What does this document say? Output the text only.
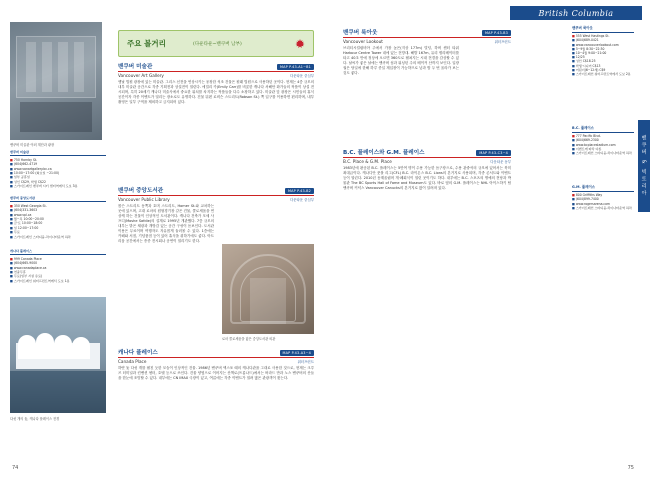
밴쿠버 미술관 야외 계단과 광장
밴쿠버 미술관
■ 750 Hornby St.
■ (604)662-4719
■ www.vanartgallery.bc.ca
■ 10:00~17:00 (화요일 ~21:00)
■ 일부 공휴일
■ 성인 C$29, 학생 C$22
■ 스카이트레인 밴쿠버 시티 센터역에서 도보 3분
밴쿠버 중앙도서관
■ 350 West Georgia St.
■ (604)331-3603
■ www.vpl.ca
■ 월~목 10:00~20:00
■ 금·토 10:00~18:00
■ 일 12:00~17:00
■ 무료
■ 스카이트레인 스타디움-차이나타운역 하차
캐나다 플레이스
■ 999 Canada Place
■ (604)665-9000
■ www.canadaplace.ca
■ 연중무휴
■ 무료(일부 시설 유료)
■ 스카이트레인 워터프런트역에서 도보 1분
다섯 개의 돛, 캐나다 플레이스 전경
주요 볼거리	(다운타운~밴쿠버 남부)
밴쿠버 미술관	MAP P.43-A1~B1
Vancouver Art Gallery	다운타운 중심부
옛날 법원 광장에 있는 미술관. 그리스 신전을 연상시키는 웅장한 석조 건물은 원래 법원으로 사용하던 곳이다. 현재는 4층 규모의 내부 미술관 공간으로 각종 기획전과 상설전이 열린다. 에밀리 카(Emily Carr)를 비롯한 캐나다 서해안 화가들의 작품이 상설 전시되며, 특히 20세기 캐나다 미술사에서 중요한 위치를 차지하는 작품들을 다수 소장하고 있다. 미술관 앞 광장은 시민들의 휴식 공간이자 각종 이벤트가 열리는 장소로도 유명하다. 건물 뒤편 로비슨 스트리트(Robson St.) 쪽 입구를 이용하면 편리하며, 내부 촬영은 일부 구역을 제외하고 금지되어 있다.
밴쿠버 중앙도서관	MAP P.43-B2
Vancouver Public Library	다운타운 중심부
롭슨 스트리트 동쪽과 호머 스트리트, Homer St.와 교차하는 곳에 있으며, 고대 로마의 원형경기장 같은 건물, 콜로세움을 연상케 하는 건물이 인상적인 도서관이다. 캐나다 건축가 모셰 사프디(Moshe Safdie)의 설계로 1995년 개관했다. 7층 규모의 내부는 밝은 채광과 개방감 있는 공간 구성이 돋보인다. 도서관 이용은 무료이며 여행자도 자유롭게 둘러볼 수 있다. 1층에는 카페와 서점, 기념품점 등이 있어 휴식을 취하기에도 좋다. 아트리움 공간에서는 종종 전시회나 공연이 열리기도 한다.
로마 콜로세움을 닮은 중앙도서관 외관
캐나다 플레이스	MAP P.43-A3~4
Canada Place	워터프런트
하얀 돛 다섯 개를 펼친 듯한 모습이 인상적인 건물. 1986년 밴쿠버 엑스포 때의 캐나다관을 그대로 사용한 것으로, 현재는 크루즈 터미널과 컨벤션 센터, 호텔 등으로 쓰인다. 건물 양옆으로 이어지는 산책로(프롬나드)에서는 버라드 만과 노스 밴쿠버의 산들을 한눈에 조망할 수 있다. 내부에는 CN IMAX 극장이 있고, 여름에는 각종 이벤트가 열려 많은 관광객이 찾는다.
74
British Columbia
밴쿠버 & 빅토리아
밴쿠버 룩아웃	MAP P.43-B3
Vancouver Lookout	워터프런트
브리티시컬럼비아 주에서 가장 높은(지상 177m) 빌딩, 하버 센터 타워 Harbour Centre Tower 내에 있는 전망대. 해발 167m, 유리 엘리베이터를 타고 40초 만에 정상에 오르면 360도로 펼쳐지는 시내 전경을 감상할 수 있다. 날씨가 좋은 날에는 밴쿠버 섬과 워싱턴 주의 베이커 산까지 보인다. 입장권은 당일에 한해 하루 종일 재입장이 가능하므로 낮과 밤 두 번 올라가 보는 것도 좋다.
B.C. 플레이스와 G.M. 플레이스	MAP P.43-C3~4
B.C. Place & G.M. Place	다운타운 동부
1983년에 완공된 B.C. 플레이스는 5만여 명이 수용 가능한 돔구장으로, 수용 관중석의 규모에 있어서는 북미 최대급이다. 캐나디안 풋볼 리그(CFL) B.C. 라이온스 B.C. Lions의 본거지로 사용되며, 각종 콘서트와 이벤트 등이 열린다. 2010년 동계올림픽 개·폐회식이 열린 곳이기도 하다. 내부에는 B.C. 스포츠의 명예의 전당과 박물관 The BC Sports Hall of Fame and Museum도 있다. 바로 옆의 G.M. 플레이스는 NHL 아이스하키 팀 밴쿠버 커넉스 Vancouver Canucks의 본거지로 많이 알려져 있다.
밴쿠버 룩아웃
■ 555 West Hastings St.
■ (604)689-0421
■ www.vancouverlookout.com
■ 5~9월 8:30~22:30
■ 10~4월 9:00~21:00
■ 12/25
■ 성인 C$18.25
■ 학생·시니어 C$13
■ 어린이(6~12세) C$9
■ 스카이트레인 워터프런트역에서 도보 2분
B.C. 플레이스
■ 777 Pacific Blvd.
■ (604)669-2300
■ www.bcplacestadium.com
■ 이벤트에 따라 다름
■ 스카이트레인 스타디움-차이나타운역 하차
G.M. 플레이스
■ 800 Griffiths Way
■ (604)899-7400
■ www.rogersarena.com
■ 스카이트레인 스타디움-차이나타운역 하차
75
